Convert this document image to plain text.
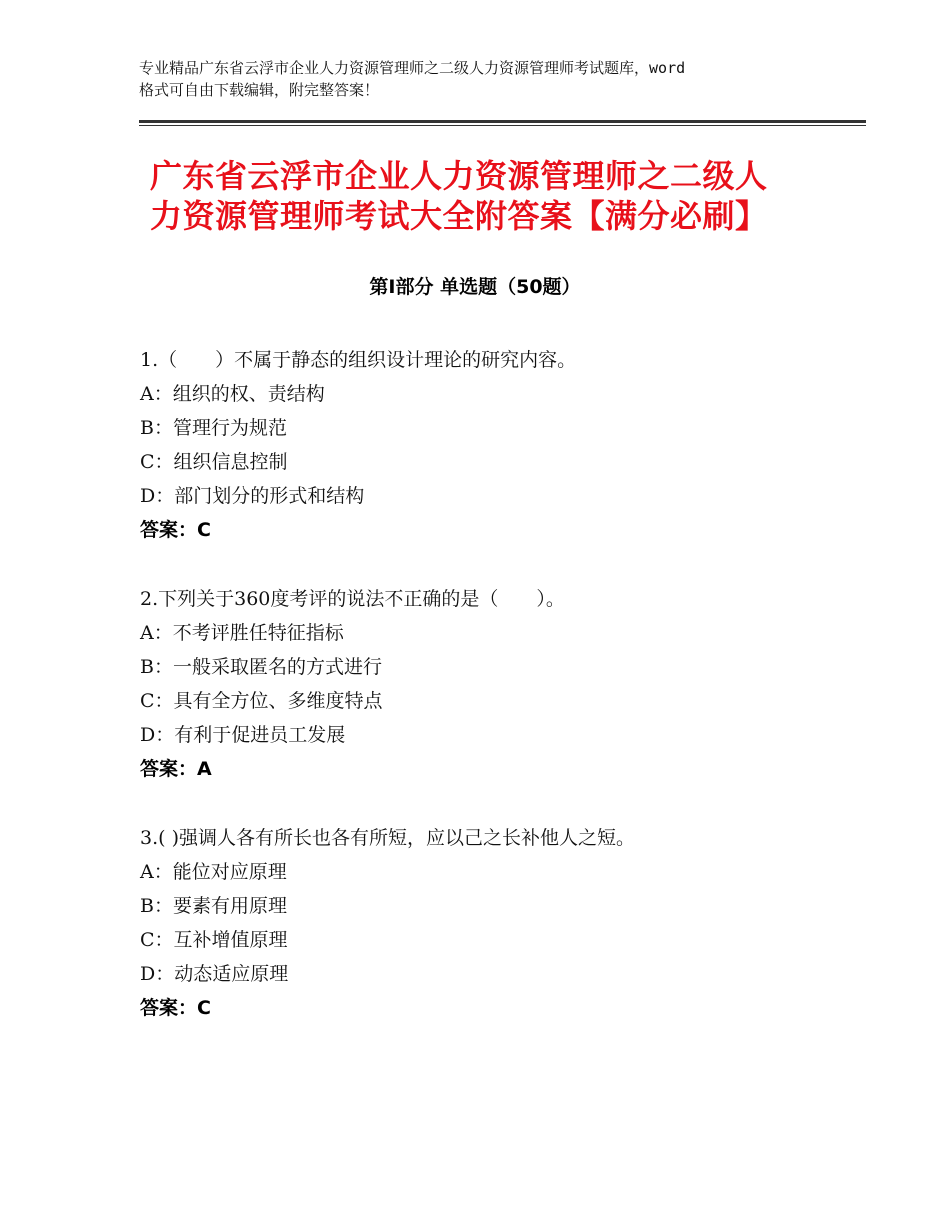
专业精品广东省云浮市企业人力资源管理师之二级人力资源管理师考试题库，word
格式可自由下载编辑，附完整答案！
广东省云浮市企业人力资源管理师之二级人
力资源管理师考试大全附答案【满分必刷】
第Ⅰ部分 单选题（50题）
1.（　　）不属于静态的组织设计理论的研究内容。
A：组织的权、责结构
B：管理行为规范
C：组织信息控制
D：部门划分的形式和结构
答案：C
2.下列关于360度考评的说法不正确的是（　　）。
A：不考评胜任特征指标
B：一般采取匿名的方式进行
C：具有全方位、多维度特点
D：有利于促进员工发展
答案：A
3.( )强调人各有所长也各有所短，应以己之长补他人之短。
A：能位对应原理
B：要素有用原理
C：互补增值原理
D：动态适应原理
答案：C
